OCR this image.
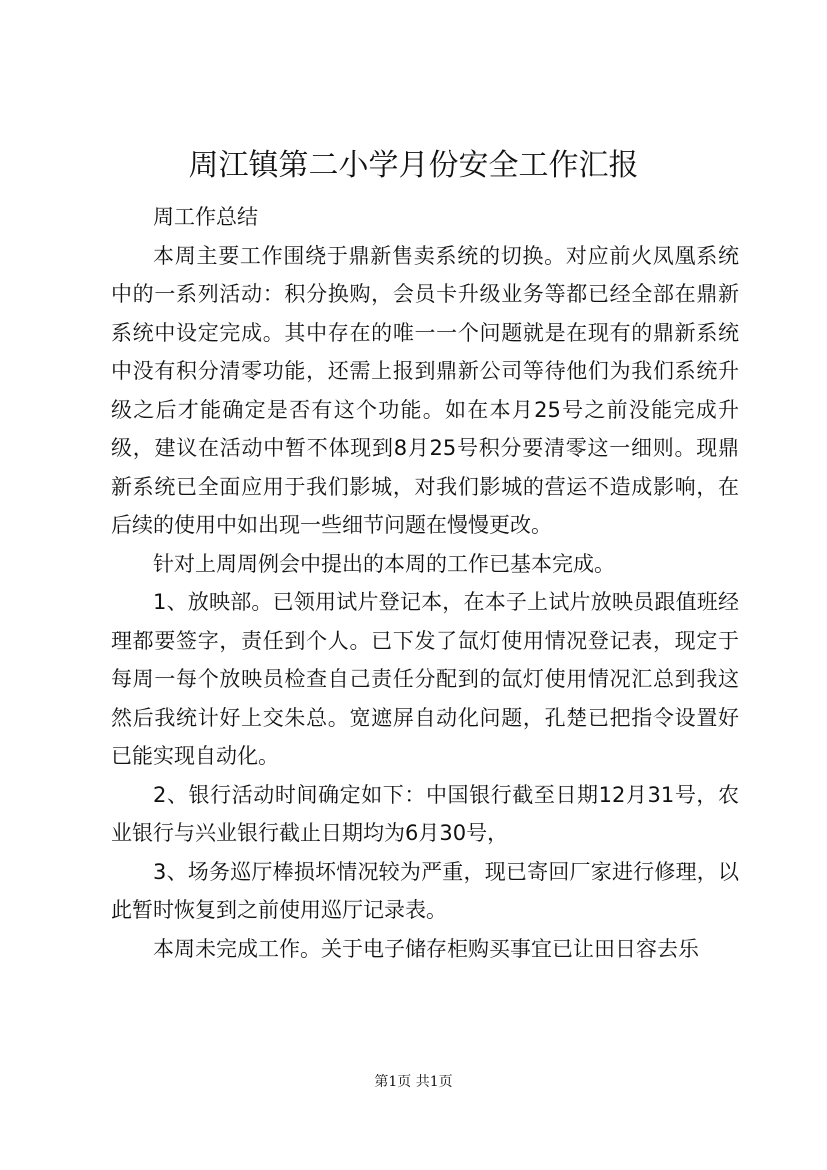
周江镇第二小学月份安全工作汇报

周工作总结

本周主要工作围绕于鼎新售卖系统的切换。对应前火凤凰系统中的一系列活动：积分换购，会员卡升级业务等都已经全部在鼎新系统中设定完成。其中存在的唯一一个问题就是在现有的鼎新系统中没有积分清零功能，还需上报到鼎新公司等待他们为我们系统升级之后才能确定是否有这个功能。如在本月25号之前没能完成升级，建议在活动中暂不体现到8月25号积分要清零这一细则。现鼎新系统已全面应用于我们影城，对我们影城的营运不造成影响，在后续的使用中如出现一些细节问题在慢慢更改。

针对上周周例会中提出的本周的工作已基本完成。

1、放映部。已领用试片登记本，在本子上试片放映员跟值班经理都要签字，责任到个人。已下发了氙灯使用情况登记表，现定于每周一每个放映员检查自己责任分配到的氙灯使用情况汇总到我这然后我统计好上交朱总。宽遮屏自动化问题，孔楚已把指令设置好已能实现自动化。

2、银行活动时间确定如下：中国银行截至日期12月31号，农业银行与兴业银行截止日期均为6月30号，

3、场务巡厅棒损坏情况较为严重，现已寄回厂家进行修理，以此暂时恢复到之前使用巡厅记录表。

本周未完成工作。关于电子储存柜购买事宜已让田日容去乐

第1页 共1页
